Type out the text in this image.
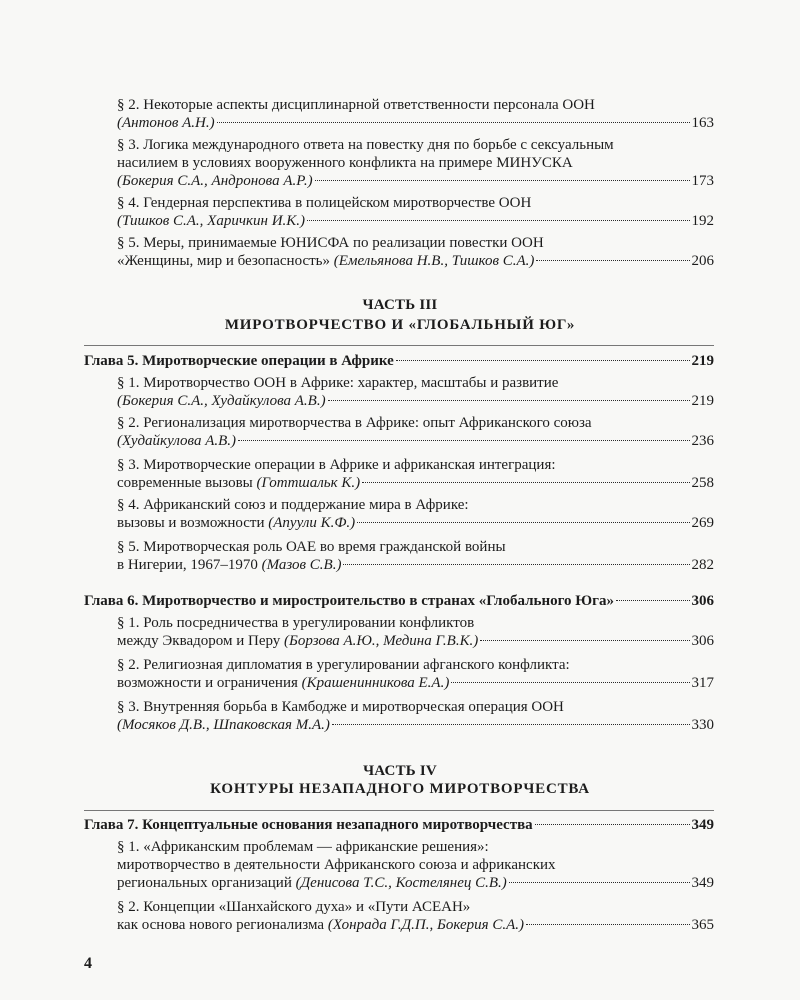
§ 2. Некоторые аспекты дисциплинарной ответственности персонала ООН
(Антонов А.Н.)	163
§ 3. Логика международного ответа на повестку дня по борьбе с сексуальным
насилием в условиях вооруженного конфликта на примере МИНУСКА
(Бокерия С.А., Андронова А.Р.)	173
§ 4. Гендерная перспектива в полицейском миротворчестве ООН
(Тишков С.А., Харичкин И.К.)	192
§ 5. Меры, принимаемые ЮНИСФА по реализации повестки ООН
«Женщины, мир и безопасность» (Емельянова Н.В., Тишков С.А.)	206
ЧАСТЬ III
МИРОТВОРЧЕСТВО И «ГЛОБАЛЬНЫЙ ЮГ»
Глава 5. Миротворческие операции в Африке	219
§ 1. Миротворчество ООН в Африке: характер, масштабы и развитие
(Бокерия С.А., Худайкулова А.В.)	219
§ 2. Регионализация миротворчества в Африке: опыт Африканского союза
(Худайкулова А.В.)	236
§ 3. Миротворческие операции в Африке и африканская интеграция:
современные вызовы (Готтшальк К.)	258
§ 4. Африканский союз и поддержание мира в Африке:
вызовы и возможности (Апуули К.Ф.)	269
§ 5. Миротворческая роль ОАЕ во время гражданской войны
в Нигерии, 1967–1970 (Мазов С.В.)	282
Глава 6. Миротворчество и миростроительство в странах «Глобального Юга»	306
§ 1. Роль посредничества в урегулировании конфликтов
между Эквадором и Перу (Борзова А.Ю., Медина Г.В.К.)	306
§ 2. Религиозная дипломатия в урегулировании афганского конфликта:
возможности и ограничения (Крашенинникова Е.А.)	317
§ 3. Внутренняя борьба в Камбодже и миротворческая операция ООН
(Мосяков Д.В., Шпаковская М.А.)	330
ЧАСТЬ IV
КОНТУРЫ НЕЗАПАДНОГО МИРОТВОРЧЕСТВА
Глава 7. Концептуальные основания незападного миротворчества	349
§ 1. «Африканским проблемам — африканские решения»:
миротворчество в деятельности Африканского союза и африканских
региональных организаций (Денисова Т.С., Костелянец С.В.)	349
§ 2. Концепции «Шанхайского духа» и «Пути АСЕАН»
как основа нового регионализма (Хонрада Г.Д.П., Бокерия С.А.)	365
4
